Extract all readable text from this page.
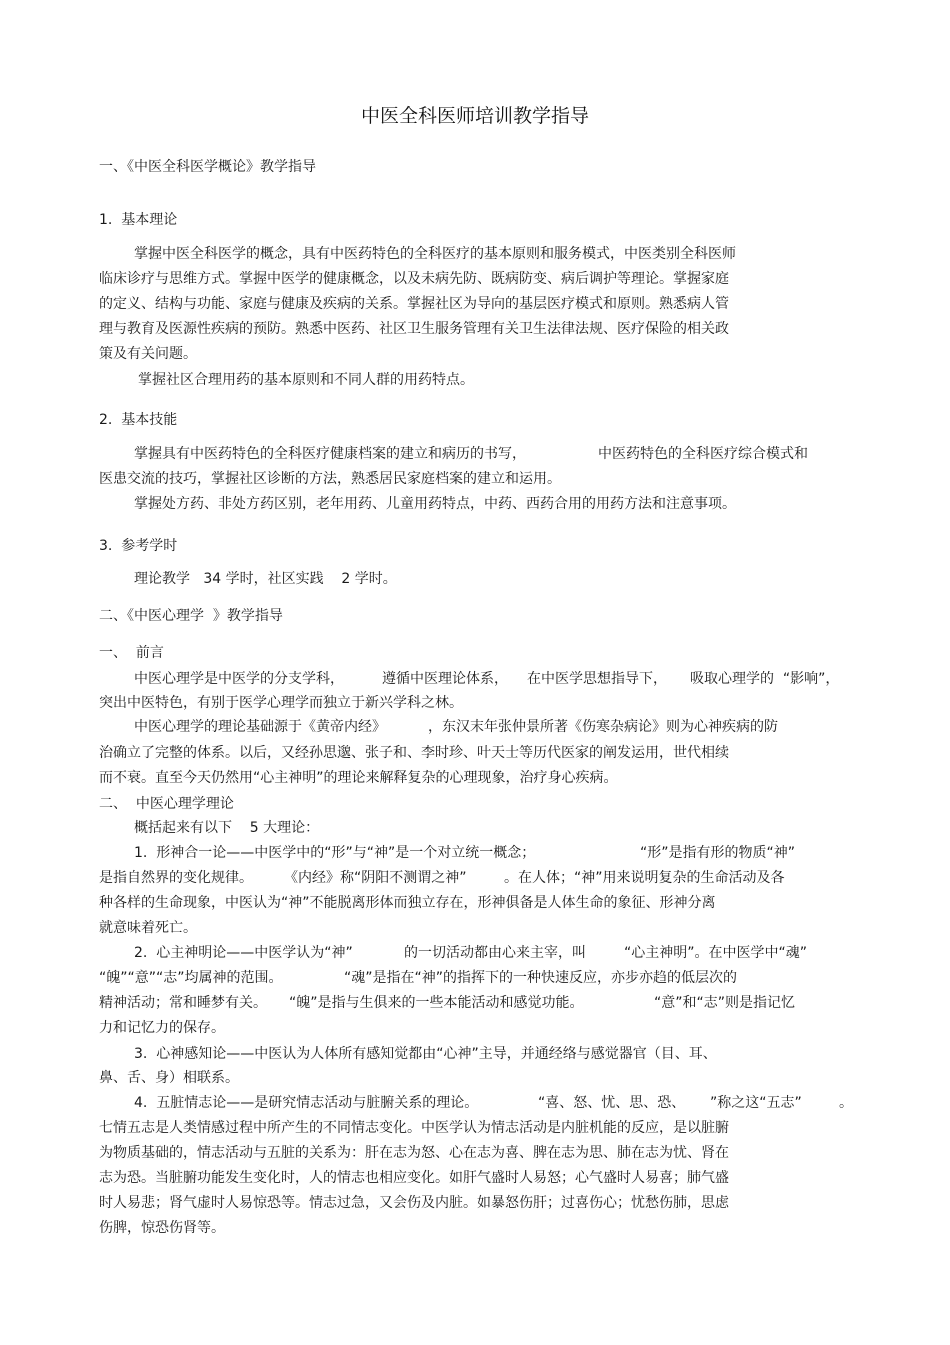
中医全科医师培训教学指导
一、《中医全科医学概论》教学指导
1.  基本理论
掌握中医全科医学的概念，具有中医药特色的全科医疗的基本原则和服务模式，中医类别全科医师
临床诊疗与思维方式。掌握中医学的健康概念，以及未病先防、既病防变、病后调护等理论。掌握家庭
的定义、结构与功能、家庭与健康及疾病的关系。掌握社区为导向的基层医疗模式和原则。熟悉病人管
理与教育及医源性疾病的预防。熟悉中医药、社区卫生服务管理有关卫生法律法规、医疗保险的相关政
策及有关问题。
掌握社区合理用药的基本原则和不同人群的用药特点。
2.  基本技能
掌握具有中医药特色的全科医疗健康档案的建立和病历的书写，	中医药特色的全科医疗综合模式和
医患交流的技巧，掌握社区诊断的方法，熟悉居民家庭档案的建立和运用。
掌握处方药、非处方药区别，老年用药、儿童用药特点，中药、西药合用的用药方法和注意事项。
3.  参考学时
理论教学   34 学时，社区实践    2 学时。
二、《中医心理学  》教学指导
一、  前言
中医心理学是中医学的分支学科，	遵循中医理论体系， 在中医学思想指导下， 吸取心理学的  “影响”，
突出中医特色，有别于医学心理学而独立于新兴学科之林。
中医心理学的理论基础源于《黄帝内经》	，东汉末年张仲景所著《伤寒杂病论》则为心神疾病的防
治确立了完整的体系。以后，又经孙思邈、张子和、李时珍、叶天士等历代医家的阐发运用，世代相续
而不衰。直至今天仍然用“心主神明”的理论来解释复杂的心理现象，治疗身心疾病。
二、  中医心理学理论
概括起来有以下    5 大理论：
1.  形神合一论——中医学中的“形”与“神”是一个对立统一概念；	“形”是指有形的物质“神”
是指自然界的变化规律。 《内经》称“阴阳不测谓之神”	。在人体；“神”用来说明复杂的生命活动及各
种各样的生命现象，中医认为“神”不能脱离形体而独立存在，形神俱备是人体生命的象征、形神分离
就意味着死亡。
2.  心主神明论——中医学认为“神”	的一切活动都由心来主宰，叫	“心主神明”。在中医学中“魂”
“魄”“意”“志”均属神的范围。	“魂”是指在“神”的指挥下的一种快速反应，亦步亦趋的低层次的
精神活动；常和睡梦有关。 “魄”是指与生俱来的一些本能活动和感觉功能。	“意”和“志”则是指记忆
力和记忆力的保存。
3.  心神感知论——中医认为人体所有感知觉都由“心神”主导，并通经络与感觉器官（目、耳、
鼻、舌、身）相联系。
4.  五脏情志论——是研究情志活动与脏腑关系的理论。	“喜、怒、忧、思、恐、 ”称之这“五志”	。
七情五志是人类情感过程中所产生的不同情志变化。中医学认为情志活动是内脏机能的反应，是以脏腑
为物质基础的，情志活动与五脏的关系为：肝在志为怒、心在志为喜、脾在志为思、肺在志为忧、肾在
志为恐。当脏腑功能发生变化时，人的情志也相应变化。如肝气盛时人易怒；心气盛时人易喜；肺气盛
时人易悲；肾气虚时人易惊恐等。情志过急，又会伤及内脏。如暴怒伤肝；过喜伤心；忧愁伤肺，思虑
伤脾，惊恐伤肾等。
